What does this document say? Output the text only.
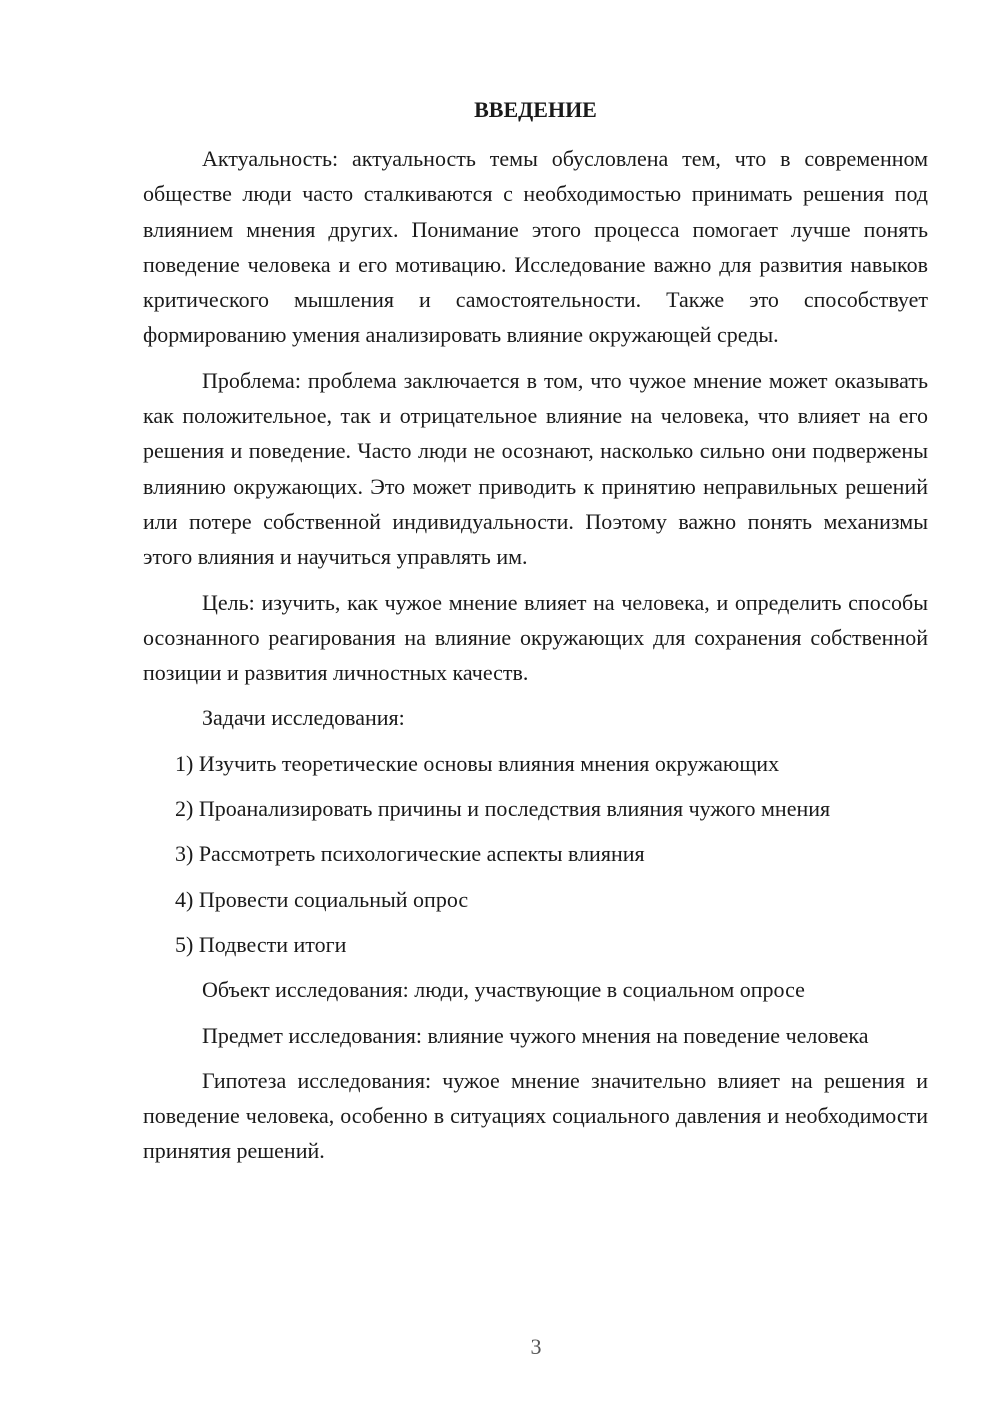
ВВЕДЕНИЕ

Актуальность: актуальность темы обусловлена тем, что в современном обществе люди часто сталкиваются с необходимостью принимать решения под влиянием мнения других. Понимание этого процесса помогает лучше понять поведение человека и его мотивацию. Исследование важно для развития навыков критического мышления и самостоятельности. Также это способствует формированию умения анализировать влияние окружающей среды.

Проблема: проблема заключается в том, что чужое мнение может оказывать как положительное, так и отрицательное влияние на человека, что влияет на его решения и поведение. Часто люди не осознают, насколько сильно они подвержены влиянию окружающих. Это может приводить к принятию неправильных решений или потере собственной индивидуальности. Поэтому важно понять механизмы этого влияния и научиться управлять им.

Цель: изучить, как чужое мнение влияет на человека, и определить способы осознанного реагирования на влияние окружающих для сохранения собственной позиции и развития личностных качеств.

Задачи исследования:

1) Изучить теоретические основы влияния мнения окружающих
2) Проанализировать причины и последствия влияния чужого мнения
3) Рассмотреть психологические аспекты влияния
4) Провести социальный опрос
5) Подвести итоги

Объект исследования: люди, участвующие в социальном опросе

Предмет исследования: влияние чужого мнения на поведение человека

Гипотеза исследования: чужое мнение значительно влияет на решения и поведение человека, особенно в ситуациях социального давления и необходимости принятия решений.

3
